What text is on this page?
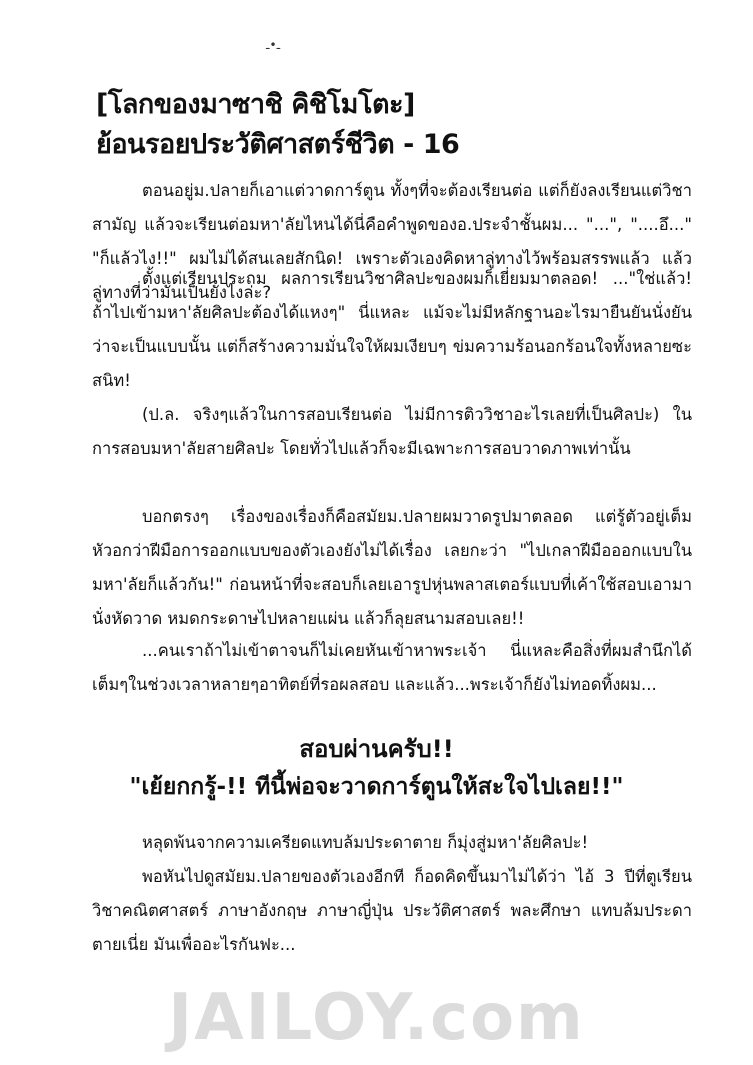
ـ•ـ
[โลกของมาซาชิ คิชิโมโตะ]
ย้อนรอยประวัติศาสตร์ชีวิต - 16

ตอนอยู่ม.ปลายก็เอาแต่วาดการ์ตูน ทั้งๆที่จะต้องเรียนต่อ แต่ก็ยังลงเรียนแต่วิชาสามัญ แล้วจะเรียนต่อมหา'ลัยไหนได้นี่คือคำพูดของอ.ประจำชั้นผม... "...", "....อึ..." "ก็แล้วไง!!" ผมไม่ได้สนเลยสักนิด! เพราะตัวเองคิดหาลู่ทางไว้พร้อมสรรพแล้ว แล้วลู่ทางที่ว่ามันเป็นยังไงล่ะ?

ตั้งแต่เรียนประถม ผลการเรียนวิชาศิลปะของผมก็เยี่ยมมาตลอด! ..."ใช่แล้ว! ถ้าไปเข้ามหา'ลัยศิลปะต้องได้แหงๆ" นี่แหละ แม้จะไม่มีหลักฐานอะไรมายืนยันนั่งยันว่าจะเป็นแบบนั้น แต่ก็สร้างความมั่นใจให้ผมเงียบๆ ข่มความร้อนอกร้อนใจทั้งหลายซะสนิท!

(ป.ล. จริงๆแล้วในการสอบเรียนต่อ ไม่มีการติววิชาอะไรเลยที่เป็นศิลปะ) ในการสอบมหา'ลัยสายศิลปะ โดยทั่วไปแล้วก็จะมีเฉพาะการสอบวาดภาพเท่านั้น

บอกตรงๆ เรื่องของเรื่องก็คือสมัยม.ปลายผมวาดรูปมาตลอด แต่รู้ตัวอยู่เต็มหัวอกว่าฝีมือการออกแบบของตัวเองยังไม่ได้เรื่อง เลยกะว่า "ไปเกลาฝีมือออกแบบในมหา'ลัยก็แล้วกัน!" ก่อนหน้าที่จะสอบก็เลยเอารูปหุ่นพลาสเตอร์แบบที่เค้าใช้สอบเอามานั่งหัดวาด หมดกระดาษไปหลายแผ่น แล้วก็ลุยสนามสอบเลย!!

...คนเราถ้าไม่เข้าตาจนก็ไม่เคยหันเข้าหาพระเจ้า นี่แหละคือสิ่งที่ผมสำนึกได้เต็มๆในช่วงเวลาหลายๆอาทิตย์ที่รอผลสอบ และแล้ว...พระเจ้าก็ยังไม่ทอดทิ้งผม...

สอบผ่านครับ!!
"เย้ยกกรู้-!! ทีนี้พ่อจะวาดการ์ตูนให้สะใจไปเลย!!"

หลุดพ้นจากความเครียดแทบล้มประดาตาย ก็มุ่งสู่มหา'ลัยศิลปะ!

พอหันไปดูสมัยม.ปลายของตัวเองอีกที ก็อดคิดขึ้นมาไม่ได้ว่า ไอ้ 3 ปีที่ตูเรียนวิชาคณิตศาสตร์ ภาษาอังกฤษ ภาษาญี่ปุ่น ประวัติศาสตร์ พละศึกษา แทบล้มประดาตายเนี่ย มันเพื่ออะไรกันฟะ...

JAILOY.com
